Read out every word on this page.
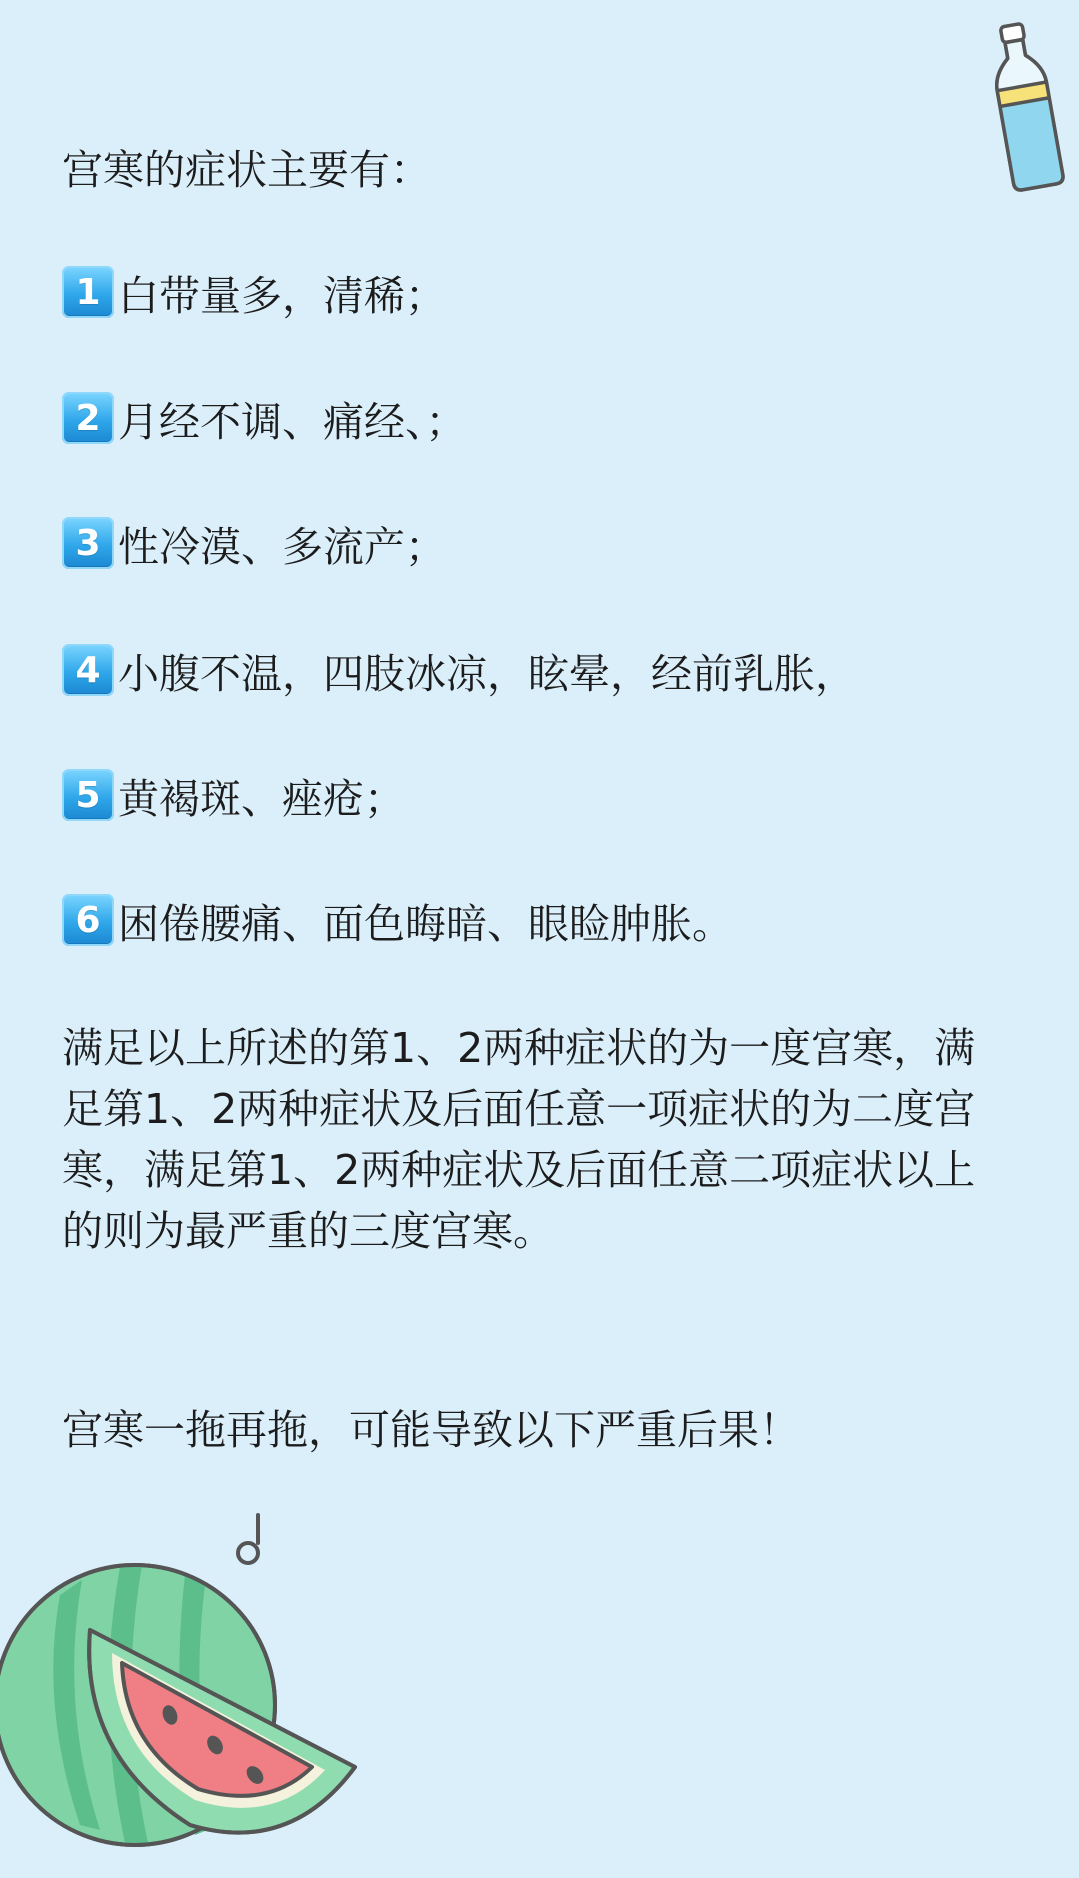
宫寒的症状主要有：
1 白带量多，清稀；
2 月经不调、痛经、；
3 性冷漠、多流产；
4 小腹不温，四肢冰凉，眩晕，经前乳胀，
5 黄褐斑、痤疮；
6 困倦腰痛、面色晦暗、眼睑肿胀。
满足以上所述的第1、2两种症状的为一度宫寒，满足第1、2两种症状及后面任意一项症状的为二度宫寒，满足第1、2两种症状及后面任意二项症状以上的则为最严重的三度宫寒。
宫寒一拖再拖，可能导致以下严重后果！
